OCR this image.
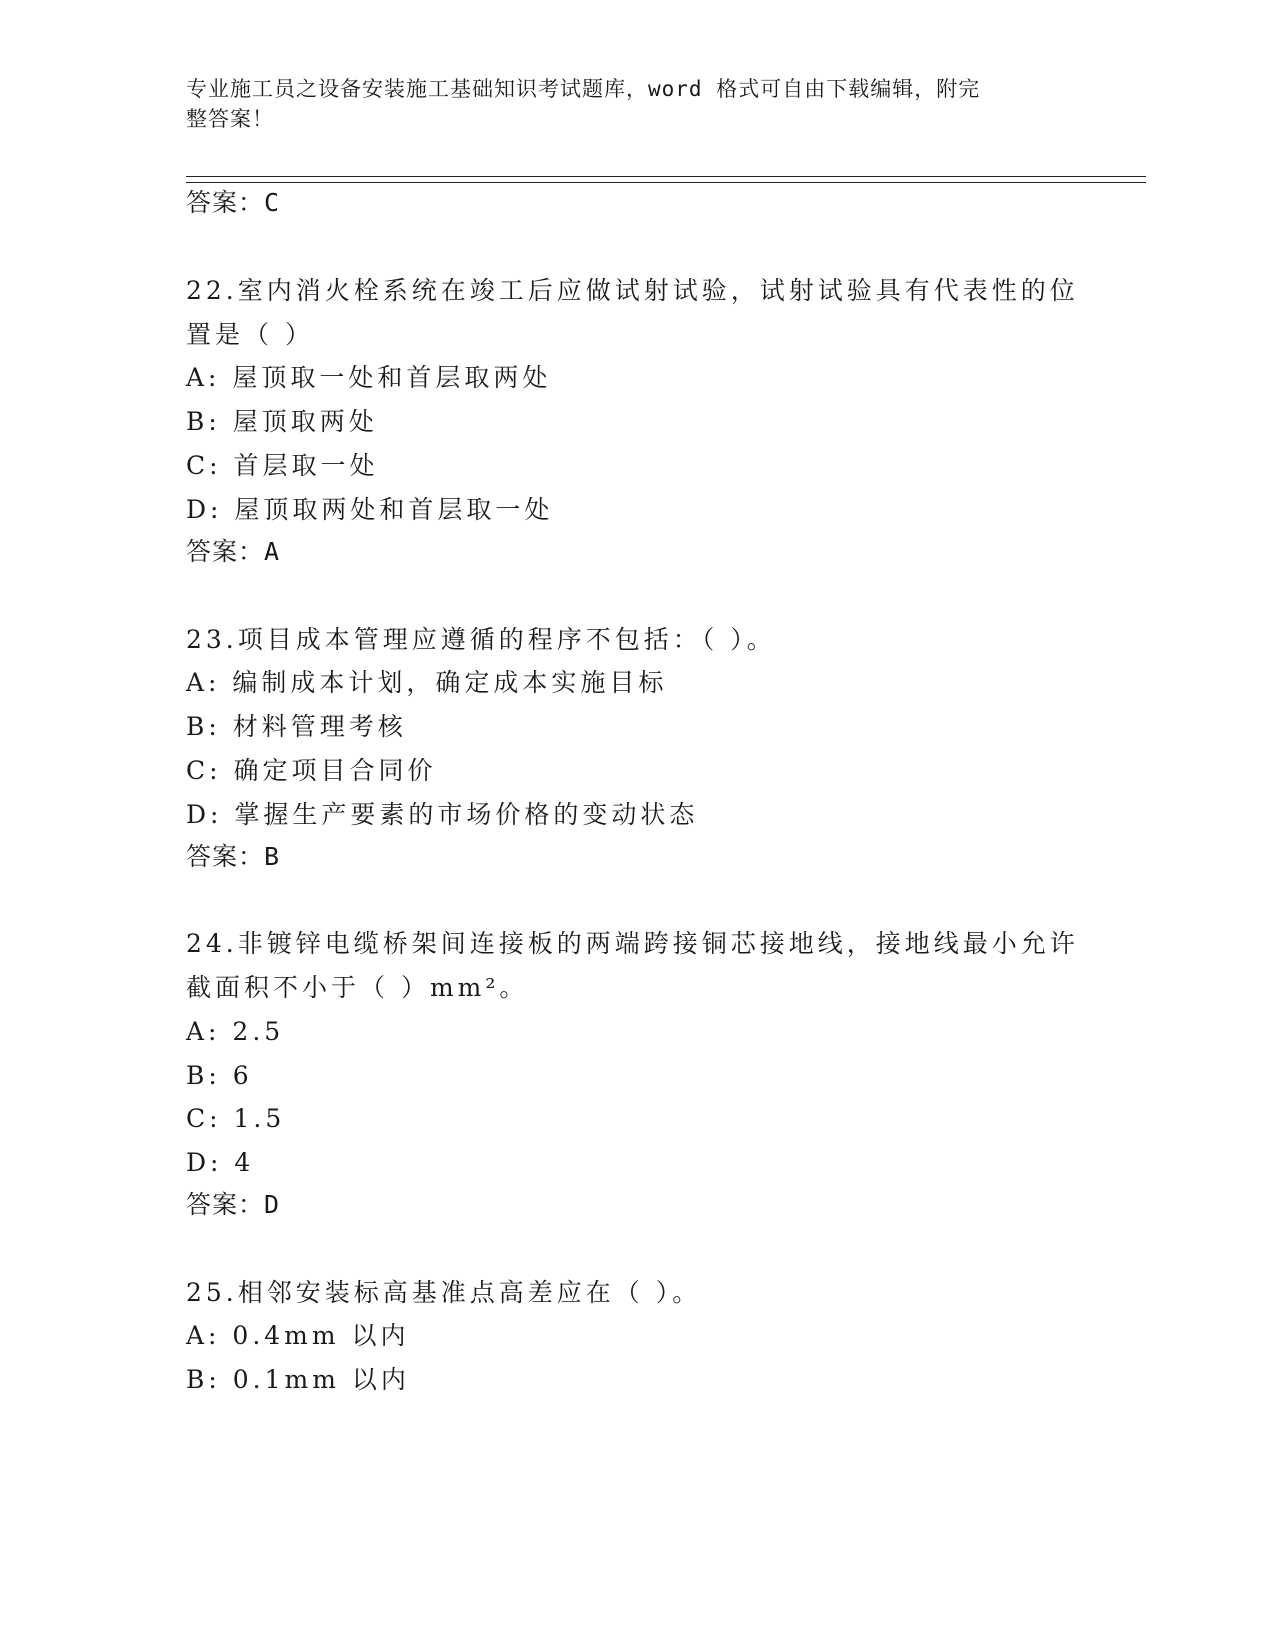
专业施工员之设备安装施工基础知识考试题库，word 格式可自由下载编辑，附完
整答案！
答案：C
22.室内消火栓系统在竣工后应做试射试验，试射试验具有代表性的位
置是（ ）
A: 屋顶取一处和首层取两处
B: 屋顶取两处
C: 首层取一处
D: 屋顶取两处和首层取一处
答案：A
23.项目成本管理应遵循的程序不包括：（ ）。
A: 编制成本计划，确定成本实施目标
B: 材料管理考核
C: 确定项目合同价
D: 掌握生产要素的市场价格的变动状态
答案：B
24.非镀锌电缆桥架间连接板的两端跨接铜芯接地线，接地线最小允许
截面积不小于（ ）mm²。
A: 2.5
B: 6
C: 1.5
D: 4
答案：D
25.相邻安装标高基准点高差应在（ ）。
A: 0.4mm 以内
B: 0.1mm 以内
